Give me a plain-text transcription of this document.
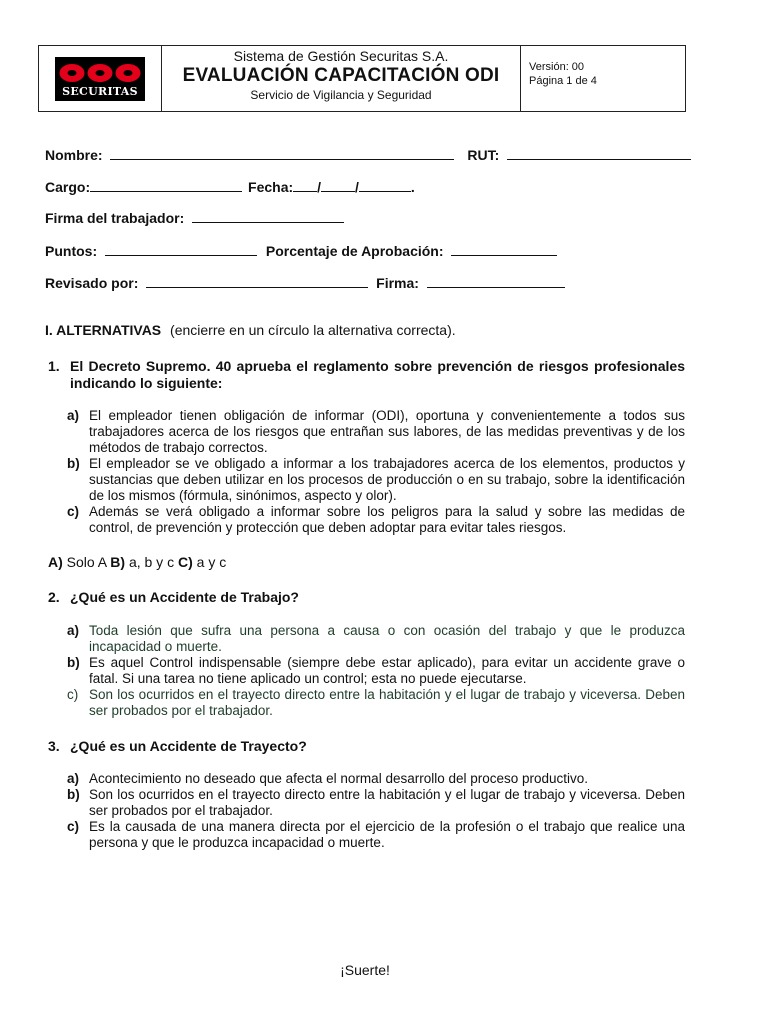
SECURITAS
Sistema de Gestión Securitas S.A.
EVALUACIÓN CAPACITACIÓN ODI
Servicio de Vigilancia y Seguridad
Versión: 00
Página 1 de 4
Nombre:	RUT:
Cargo:	Fecha: / /	.
Firma del trabajador:
Puntos:	Porcentaje de Aprobación:
Revisado por:	Firma:
I. ALTERNATIVAS (encierre en un círculo la alternativa correcta).
1. El Decreto Supremo. 40 aprueba el reglamento sobre prevención de riesgos profesionales indicando lo siguiente:
a) El empleador tienen obligación de informar (ODI), oportuna y convenientemente a todos sus trabajadores acerca de los riesgos que entrañan sus labores, de las medidas preventivas y de los métodos de trabajo correctos.
b) El empleador se ve obligado a informar a los trabajadores acerca de los elementos, productos y sustancias que deben utilizar en los procesos de producción o en su trabajo, sobre la identificación de los mismos (fórmula, sinónimos, aspecto y olor).
c) Además se verá obligado a informar sobre los peligros para la salud y sobre las medidas de control, de prevención y protección que deben adoptar para evitar tales riesgos.
A) Solo A B) a, b y c C) a y c
2. ¿Qué es un Accidente de Trabajo?
a) Toda lesión que sufra una persona a causa o con ocasión del trabajo y que le produzca incapacidad o muerte.
b) Es aquel Control indispensable (siempre debe estar aplicado), para evitar un accidente grave o fatal. Si una tarea no tiene aplicado un control; esta no puede ejecutarse.
c) Son los ocurridos en el trayecto directo entre la habitación y el lugar de trabajo y viceversa. Deben ser probados por el trabajador.
3. ¿Qué es un Accidente de Trayecto?
a) Acontecimiento no deseado que afecta el normal desarrollo del proceso productivo.
b) Son los ocurridos en el trayecto directo entre la habitación y el lugar de trabajo y viceversa. Deben ser probados por el trabajador.
c) Es la causada de una manera directa por el ejercicio de la profesión o el trabajo que realice una persona y que le produzca incapacidad o muerte.
¡Suerte!
